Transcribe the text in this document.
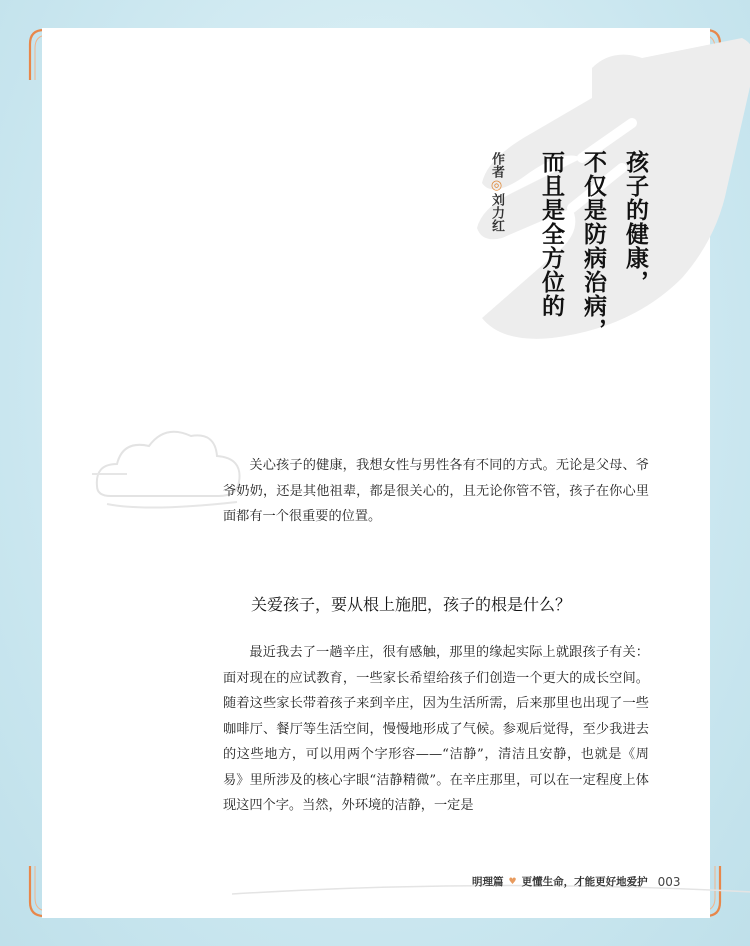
孩子的健康，
不仅是防病治病，
而且是全方位的
作者◎刘力红
关心孩子的健康，我想女性与男性各有不同的方式。无论是父母、爷爷奶奶，还是其他祖辈，都是很关心的，且无论你管不管，孩子在你心里面都有一个很重要的位置。
关爱孩子，要从根上施肥，孩子的根是什么？
最近我去了一趟辛庄，很有感触，那里的缘起实际上就跟孩子有关：面对现在的应试教育，一些家长希望给孩子们创造一个更大的成长空间。随着这些家长带着孩子来到辛庄，因为生活所需，后来那里也出现了一些咖啡厅、餐厅等生活空间，慢慢地形成了气候。参观后觉得，至少我进去的这些地方，可以用两个字形容——“洁静”，清洁且安静，也就是《周易》里所涉及的核心字眼“洁静精微”。在辛庄那里，可以在一定程度上体现这四个字。当然，外环境的洁静，一定是
明理篇 ♥ 更懂生命，才能更好地爱护 003
